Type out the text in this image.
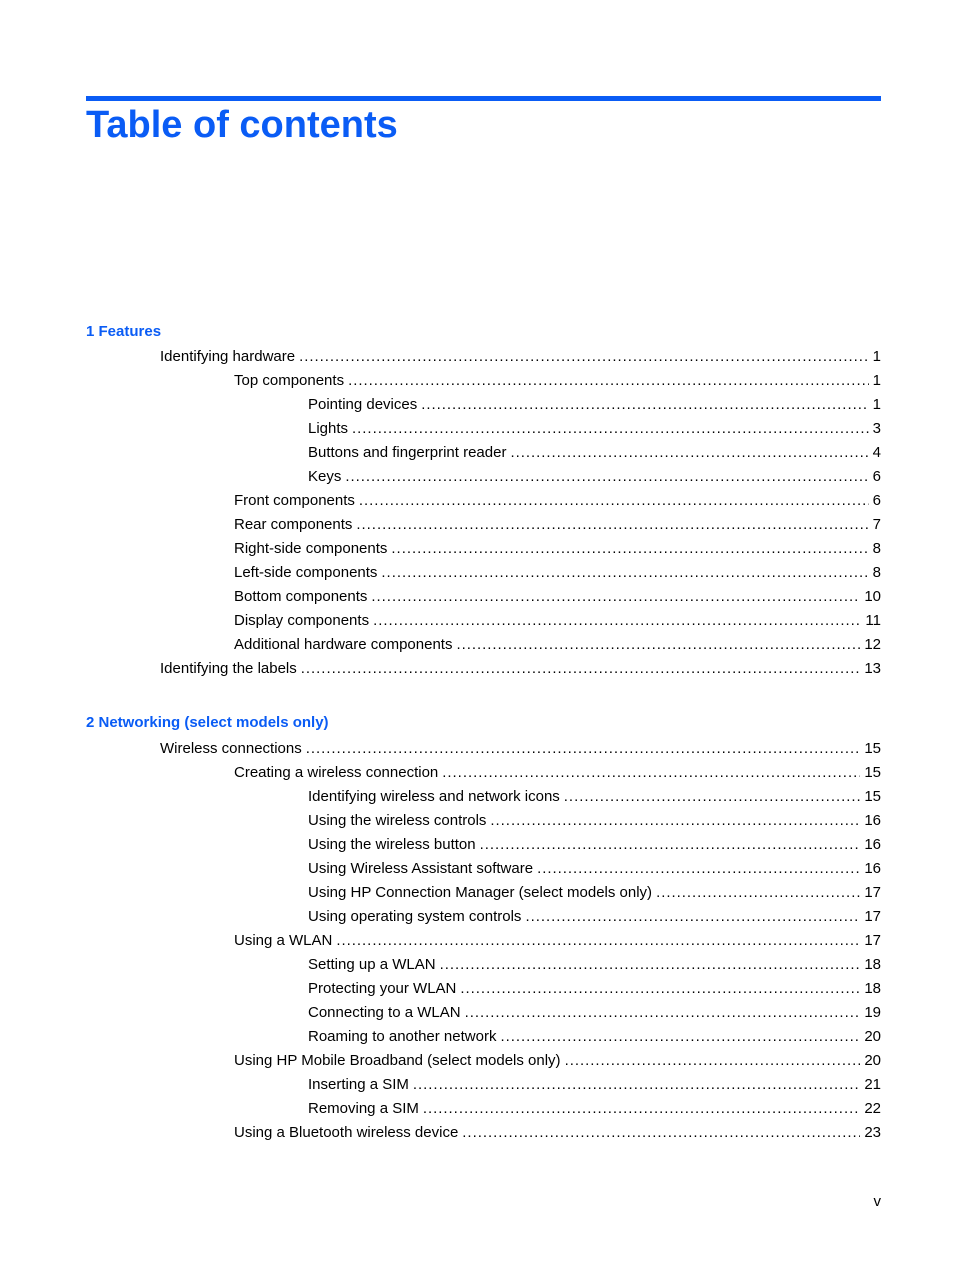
Table of contents
1 Features
Identifying hardware . . .	1
Top components . . .	1
Pointing devices . . .	1
Lights . . .	3
Buttons and fingerprint reader . . .	4
Keys . . .	6
Front components . . .	6
Rear components . . .	7
Right-side components . . .	8
Left-side components . . .	8
Bottom components . . .	10
Display components . . .	11
Additional hardware components . . .	12
Identifying the labels . . .	13
2 Networking (select models only)
Wireless connections . . .	15
Creating a wireless connection . . .	15
Identifying wireless and network icons . . .	15
Using the wireless controls . . .	16
Using the wireless button . . .	16
Using Wireless Assistant software . . .	16
Using HP Connection Manager (select models only) . . .	17
Using operating system controls . . .	17
Using a WLAN . . .	17
Setting up a WLAN . . .	18
Protecting your WLAN . . .	18
Connecting to a WLAN . . .	19
Roaming to another network . . .	20
Using HP Mobile Broadband (select models only) . . .	20
Inserting a SIM . . .	21
Removing a SIM . . .	22
Using a Bluetooth wireless device . . .	23
v
